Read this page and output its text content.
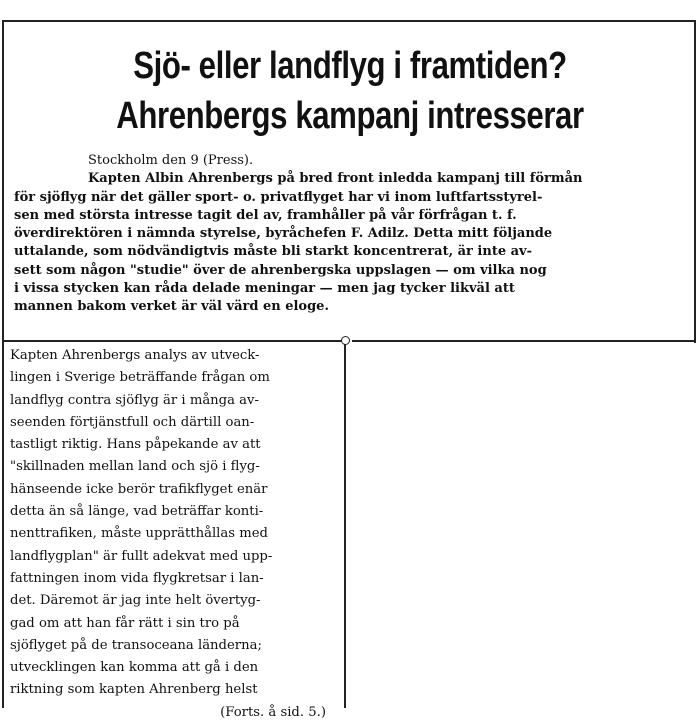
Sjö- eller landflyg i framtiden?
Ahrenbergs kampanj intresserar
Stockholm den 9 (Press).
Kapten Albin Ahrenbergs på bred front inledda kampanj till förmån
för sjöflyg när det gäller sport- o. privatflyget har vi inom luftfartsstyrel-
sen med största intresse tagit del av, framhåller på vår förfrågan t. f.
överdirektören i nämnda styrelse, byråchefen F. Adilz. Detta mitt följande
uttalande, som nödvändigtvis måste bli starkt koncentrerat, är inte av-
sett som någon "studie" över de ahrenbergska uppslagen — om vilka nog
i vissa stycken kan råda delade meningar — men jag tycker likväl att
mannen bakom verket är väl värd en eloge.
Kapten Ahrenbergs analys av utveck-
lingen i Sverige beträffande frågan om
landflyg contra sjöflyg är i många av-
seenden förtjänstfull och därtill oan-
tastligt riktig. Hans påpekande av att
"skillnaden mellan land och sjö i flyg-
hänseende icke berör trafikflyget enär
detta än så länge, vad beträffar konti-
nenttrafiken, måste upprätthållas med
landflygplan" är fullt adekvat med upp-
fattningen inom vida flygkretsar i lan-
det. Däremot är jag inte helt övertyg-
gad om att han får rätt i sin tro på
sjöflyget på de transoceana länderna;
utvecklingen kan komma att gå i den
riktning som kapten Ahrenberg helst
(Forts. å sid. 5.)
